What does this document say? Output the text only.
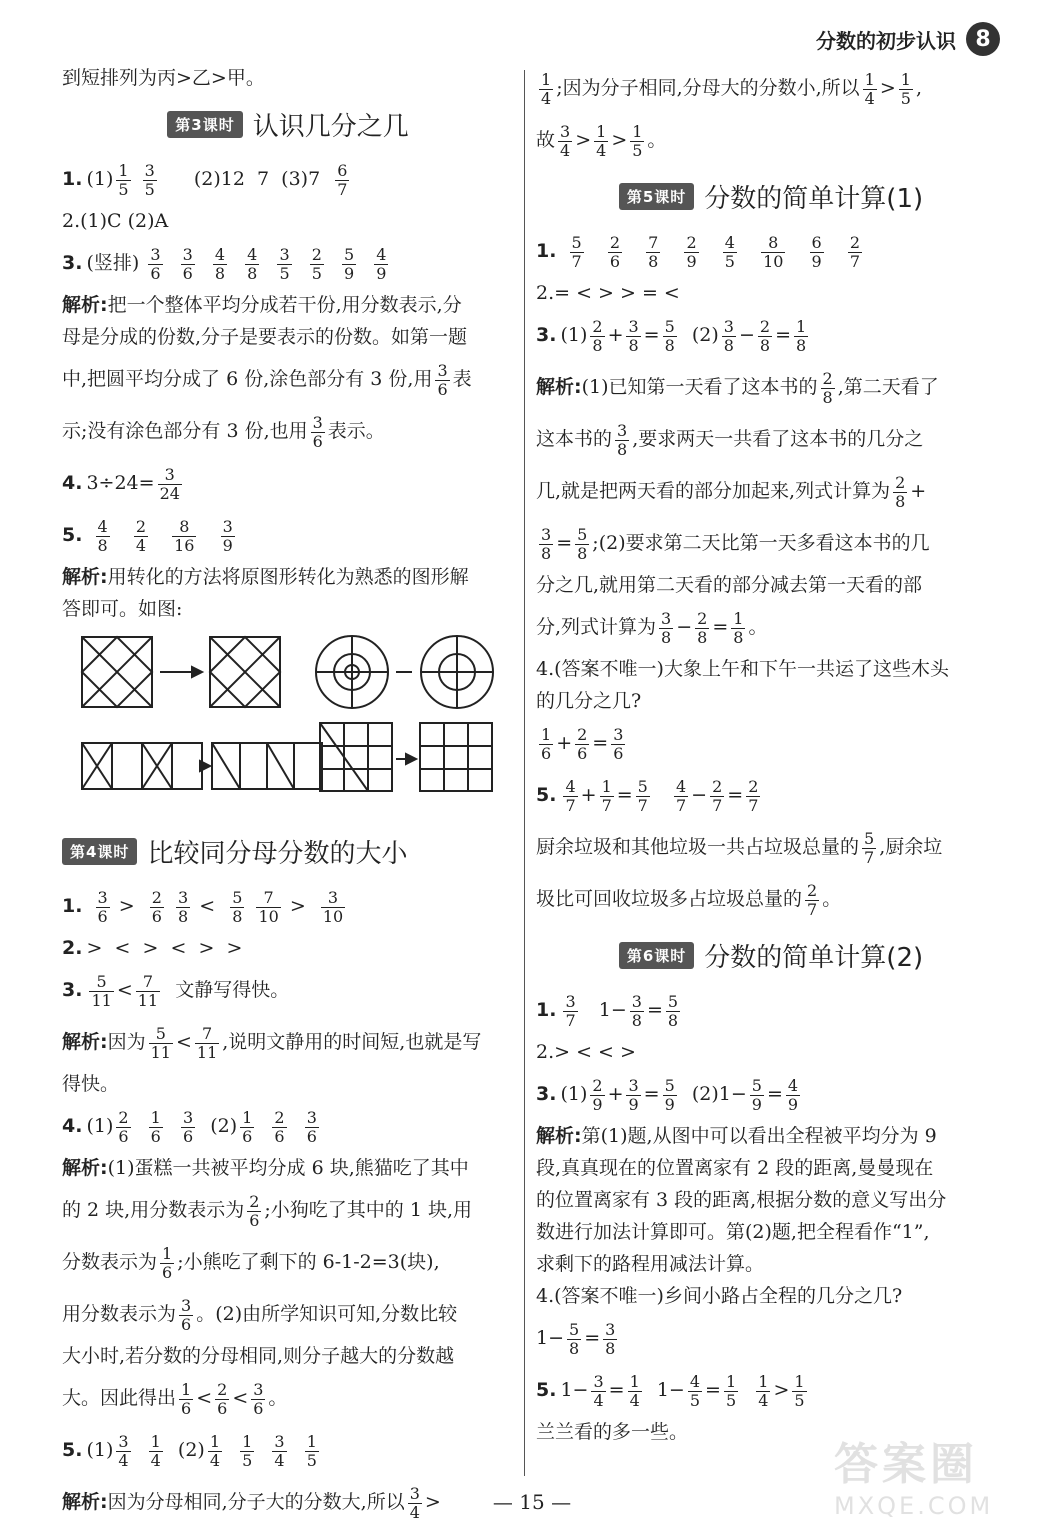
分数的初步认识 8
到短排列为丙>乙>甲。
第3课时 认识几分之几
1. $(1) \frac{1}{5}$
$\frac{3}{5} (2)12$  7  $(3)7 \frac{6}{7}$
2.(1)C (2)A
3. (竖排) $\frac{3}{6}$
$\frac{3}{6}$
$\frac{4}{8}$
$\frac{4}{8}$
$\frac{3}{5}$
$\frac{2}{5}$
$\frac{5}{9}$
$\frac{4}{9}$
解析:把一个整体平均分成若干份,用分数表示,分
母是分成的份数,分子是要表示的份数。如第一题
中,把圆平均分成了 6 份,涂色部分有 3 份,用 $\frac{3}{6}$ 表
示;没有涂色部分有 3 份,也用 $\frac{3}{6}$ 表示。
4. $3\div 24= \frac{3}{24}$
5. $\frac{4}{8}$
$\frac{2}{4}$
$\frac{8}{16}$
$\frac{3}{9}$
解析:用转化的方法将原图形转化为熟悉的图形解
答即可。如图:
第4课时 比较同分母分数的大小
1. $\frac{3}{6} > \frac{2}{6}$
$\frac{3}{8} < \frac{5}{8}$
$\frac{7}{10} > \frac{3}{10}$
2. >  <  >  <  >  >
3. $\frac{5}{11} < \frac{7}{11}$ 文静写得快。
解析:因为 $\frac{5}{11} < \frac{7}{11}$ ,说明文静用的时间短,也就是写
得快。
4. $(1) \frac{2}{6}$
$\frac{1}{6}$
$\frac{3}{6} (2) \frac{1}{6}$
$\frac{2}{6}$
$\frac{3}{6}$
解析:(1)蛋糕一共被平均分成 6 块,熊猫吃了其中
的 2 块,用分数表示为 $\frac{2}{6}$ ;小狗吃了其中的 1 块,用
分数表示为 $\frac{1}{6}$ ;小熊吃了剩下的 6-1-2=3(块),
用分数表示为 $\frac{3}{6}$ 。(2)由所学知识可知,分数比较
大小时,若分数的分母相同,则分子越大的分数越
大。因此得出 $\frac{1}{6} < \frac{2}{6} < \frac{3}{6}$ 。
5. $(1) \frac{3}{4}$
$\frac{1}{4} (2) \frac{1}{4}$
$\frac{1}{5}$
$\frac{3}{4}$
$\frac{1}{5}$
解析:因为分母相同,分子大的分数大,所以 $\frac{3}{4}$ >
$\frac{1}{4}$ ;因为分子相同,分母大的分数小,所以 $\frac{1}{4} > \frac{1}{5}$ ,
故 $\frac{3}{4} > \frac{1}{4} > \frac{1}{5}$ 。
第5课时 分数的简单计算(1)
1. $\frac{5}{7}$
$\frac{2}{6}$
$\frac{7}{8}$
$\frac{2}{9}$
$\frac{4}{5}$
$\frac{8}{10}$
$\frac{6}{9}$
$\frac{2}{7}$
2.= < > > = <
3. $(1) \frac{2}{8} + \frac{3}{8} = \frac{5}{8} (2) \frac{3}{8} - \frac{2}{8} = \frac{1}{8}$
解析:(1)已知第一天看了这本书的 $\frac{2}{8}$ ,第二天看了
这本书的 $\frac{3}{8}$ ,要求两天一共看了这本书的几分之
几,就是把两天看的部分加起来,列式计算为 $\frac{2}{8}$ +
$\frac{3}{8} = \frac{5}{8}$ ;(2)要求第二天比第一天多看这本书的几
分之几,就用第二天看的部分减去第一天看的部
分,列式计算为 $\frac{3}{8} - \frac{2}{8} = \frac{1}{8}$ 。
4.(答案不唯一)大象上午和下午一共运了这些木头
的几分之几?
$\frac{1}{6} + \frac{2}{6} = \frac{3}{6}$
5. $\frac{4}{7} + \frac{1}{7} = \frac{5}{7}$
$\frac{4}{7} - \frac{2}{7} = \frac{2}{7}$
厨余垃圾和其他垃圾一共占垃圾总量的 $\frac{5}{7}$ ,厨余垃
圾比可回收垃圾多占垃圾总量的 $\frac{2}{7}$ 。
第6课时 分数的简单计算(2)
1. $\frac{3}{7} 1- \frac{3}{8} = \frac{5}{8}$
2.> < < >
3. $(1) \frac{2}{9} + \frac{3}{9} = \frac{5}{9} (2)1- \frac{5}{9} = \frac{4}{9}$
解析:第(1)题,从图中可以看出全程被平均分为 9
段,真真现在的位置离家有 2 段的距离,曼曼现在
的位置离家有 3 段的距离,根据分数的意义写出分
数进行加法计算即可。第(2)题,把全程看作“1”,
求剩下的路程用减法计算。
4.(答案不唯一)乡间小路占全程的几分之几?
$1- \frac{5}{8} = \frac{3}{8}$
5. $1- \frac{3}{4} = \frac{1}{4} 1- \frac{4}{5} = \frac{1}{5}$
$\frac{1}{4} > \frac{1}{5}$
兰兰看的多一些。
— 15 —
答案圈
MXQE.COM
